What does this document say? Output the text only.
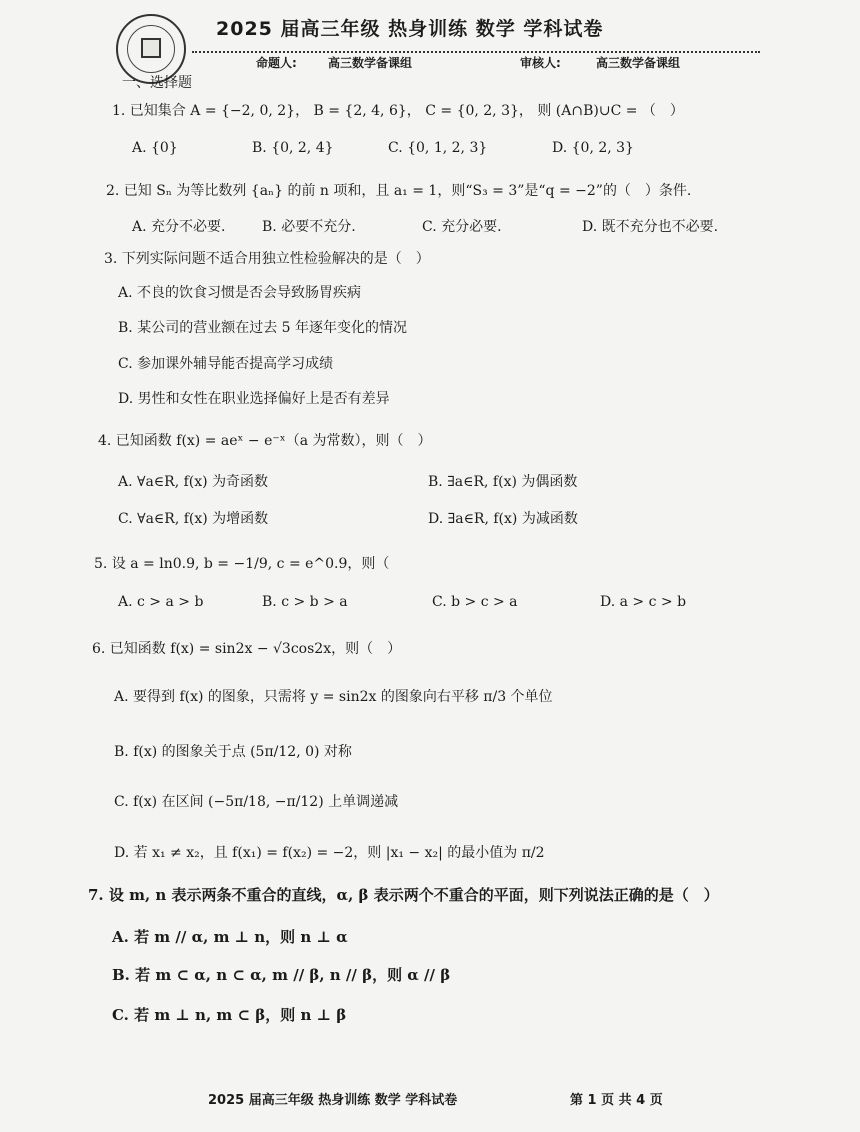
2025 届高三年级 热身训练 数学 学科试卷
命题人:	高三数学备课组	审核人:	高三数学备课组
一、选择题
1. 已知集合 A = {−2, 0, 2}， B = {2, 4, 6}， C = {0, 2, 3}， 则 (A∩B)∪C = （　）
A. {0}	B. {0, 2, 4}	C. {0, 1, 2, 3}	D. {0, 2, 3}
2. 已知 Sₙ 为等比数列 {aₙ} 的前 n 项和，且 a₁ = 1，则“S₃ = 3”是“q = −2”的（　）条件.
A. 充分不必要.	B. 必要不充分.	C. 充分必要.	D. 既不充分也不必要.
3. 下列实际问题不适合用独立性检验解决的是（　）
A. 不良的饮食习惯是否会导致肠胃疾病
B. 某公司的营业额在过去 5 年逐年变化的情况
C. 参加课外辅导能否提高学习成绩
D. 男性和女性在职业选择偏好上是否有差异
4. 已知函数 f(x) = aeˣ − e⁻ˣ（a 为常数），则（　）
A. ∀a∈R, f(x) 为奇函数	B. ∃a∈R, f(x) 为偶函数
C. ∀a∈R, f(x) 为增函数	D. ∃a∈R, f(x) 为减函数
5. 设 a = ln0.9, b = −1/9, c = e^0.9，则（
A. c > a > b	B. c > b > a	C. b > c > a	D. a > c > b
6. 已知函数 f(x) = sin2x − √3cos2x，则（　）
A. 要得到 f(x) 的图象，只需将 y = sin2x 的图象向右平移 π/3 个单位
B. f(x) 的图象关于点 (5π/12, 0) 对称
C. f(x) 在区间 (−5π/18, −π/12) 上单调递减
D. 若 x₁ ≠ x₂，且 f(x₁) = f(x₂) = −2，则 |x₁ − x₂| 的最小值为 π/2
7. 设 m, n 表示两条不重合的直线，α, β 表示两个不重合的平面，则下列说法正确的是（　）
A. 若 m // α, m ⊥ n，则 n ⊥ α
B. 若 m ⊂ α, n ⊂ α, m // β, n // β，则 α // β
C. 若 m ⊥ n, m ⊂ β，则 n ⊥ β
2025 届高三年级 热身训练 数学 学科试卷	第 1 页 共 4 页
